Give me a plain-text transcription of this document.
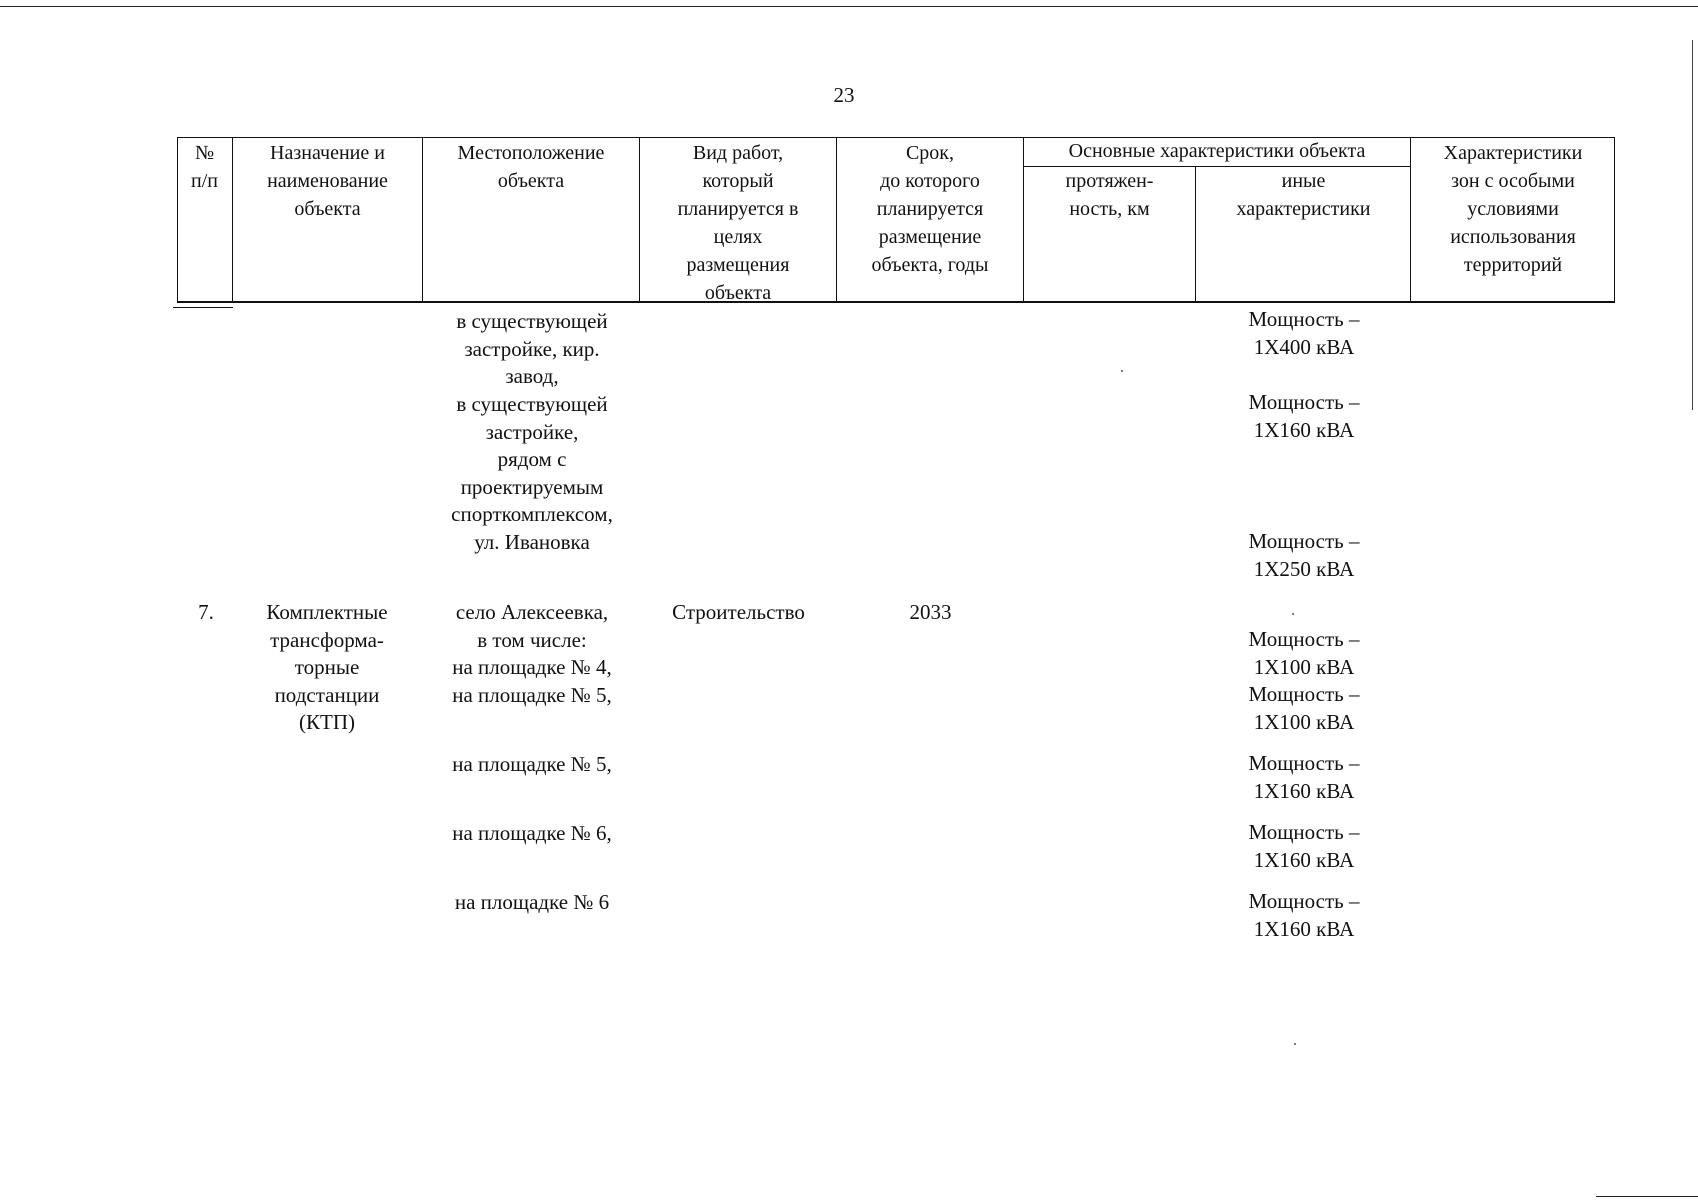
23
№
п/п
Назначение и
наименование
объекта
Местоположение
объекта
Вид работ,
который
планируется в
целях
размещения
объекта
Срок,
до которого
планируется
размещение
объекта, годы
Основные характеристики объекта
протяжен-
ность, км
иные
характеристики
Характеристики
зон с особыми
условиями
использования
территорий
в существующей
застройке, кир.
завод,
в существующей
застройке,
рядом с
проектируемым
спорткомплексом,
ул. Ивановка
Мощность –
1Х400 кВА
Мощность –
1Х160 кВА
Мощность –
1Х250 кВА
7.	Комплектные
трансформа-
торные
подстанции
(КТП)
село Алексеевка,
в том числе:
на площадке № 4,
на площадке № 5,
на площадке № 5,
на площадке № 6,
на площадке № 6
Строительство	2033
Мощность –
1Х100 кВА
Мощность –
1Х100 кВА
Мощность –
1Х160 кВА
Мощность –
1Х160 кВА
Мощность –
1Х160 кВА
